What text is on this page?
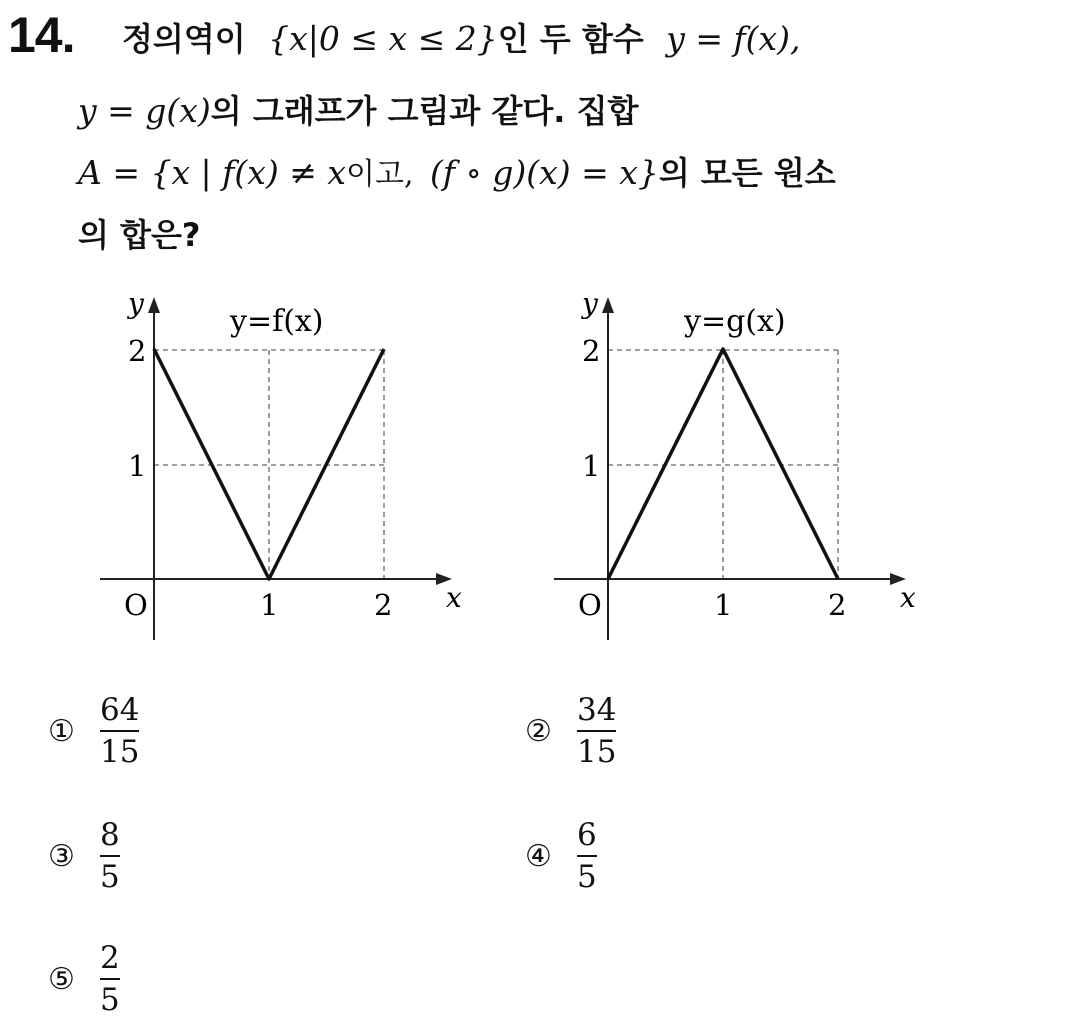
14. 정의역이 {x|0 ≤ x ≤ 2}인 두 함수 y = f(x),
y = g(x)의 그래프가 그림과 같다. 집합
A = {x | f(x) ≠ x이고, (f ∘ g)(x) = x}의 모든 원소
의 합은?
y
y=f(x)
2
1
O	1	2 x
y
y=g(x)
2
1
O	1	2 x
① $\frac{64}{15}$	② $\frac{34}{15}$
③ $\frac{8}{5}$	④ $\frac{6}{5}$
⑤ $\frac{2}{5}$
